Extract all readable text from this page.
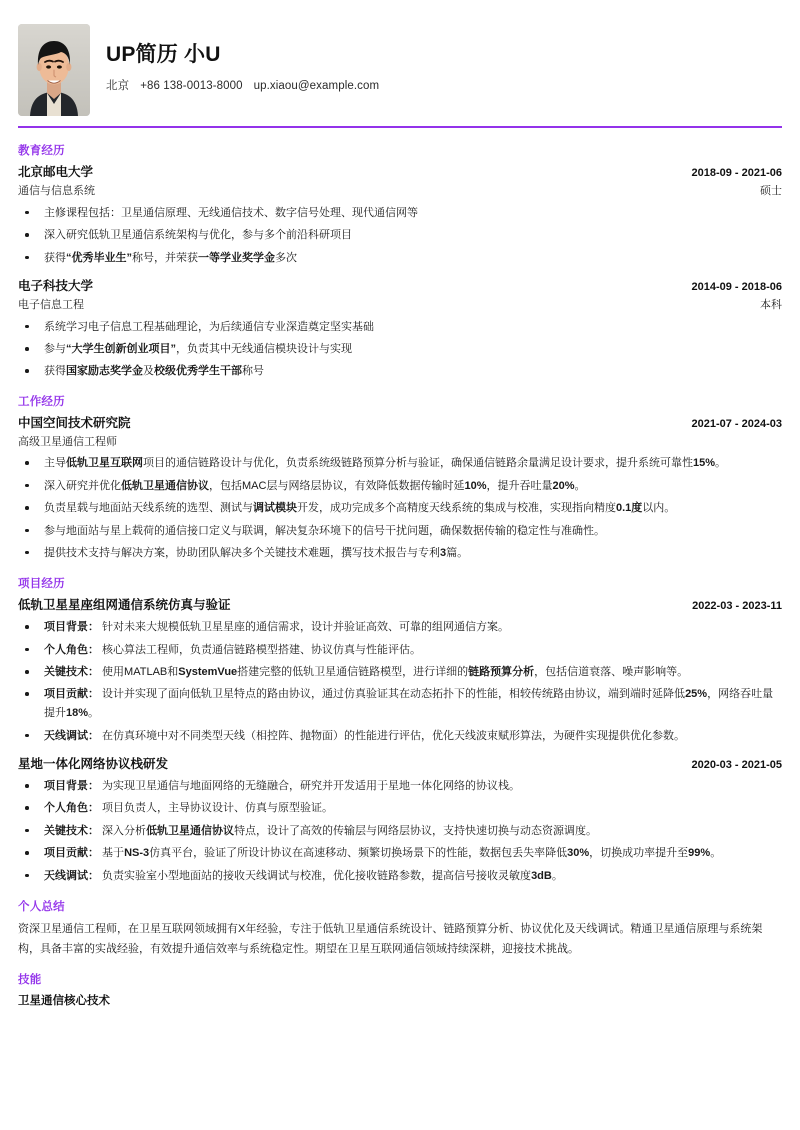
UP简历 小U
北京 +86 138-0013-8000 up.xiaou@example.com
教育经历
北京邮电大学	2018-09 - 2021-06
通信与信息系统	硕士
主修课程包括：卫星通信原理、无线通信技术、数字信号处理、现代通信网等
深入研究低轨卫星通信系统架构与优化，参与多个前沿科研项目
获得“优秀毕业生”称号，并荣获一等学业奖学金多次
电子科技大学	2014-09 - 2018-06
电子信息工程	本科
系统学习电子信息工程基础理论，为后续通信专业深造奠定坚实基础
参与“大学生创新创业项目”，负责其中无线通信模块设计与实现
获得国家励志奖学金及校级优秀学生干部称号
工作经历
中国空间技术研究院	2021-07 - 2024-03
高级卫星通信工程师
主导低轨卫星互联网项目的通信链路设计与优化，负责系统级链路预算分析与验证，确保通信链路余量满足设计要求，提升系统可靠性15%。
深入研究并优化低轨卫星通信协议，包括MAC层与网络层协议，有效降低数据传输时延10%，提升吞吐量20%。
负责星载与地面站天线系统的选型、测试与调试模块开发，成功完成多个高精度天线系统的集成与校准，实现指向精度0.1度以内。
参与地面站与星上载荷的通信接口定义与联调，解决复杂环境下的信号干扰问题，确保数据传输的稳定性与准确性。
提供技术支持与解决方案，协助团队解决多个关键技术难题，撰写技术报告与专利3篇。
项目经历
低轨卫星星座组网通信系统仿真与验证	2022-03 - 2023-11
项目背景： 针对未来大规模低轨卫星星座的通信需求，设计并验证高效、可靠的组网通信方案。
个人角色： 核心算法工程师，负责通信链路模型搭建、协议仿真与性能评估。
关键技术： 使用MATLAB和SystemVue搭建完整的低轨卫星通信链路模型，进行详细的链路预算分析，包括信道衰落、噪声影响等。
项目贡献： 设计并实现了面向低轨卫星特点的路由协议，通过仿真验证其在动态拓扑下的性能，相较传统路由协议，端到端时延降低25%，网络吞吐量提升18%。
天线调试： 在仿真环境中对不同类型天线（相控阵、抛物面）的性能进行评估，优化天线波束赋形算法，为硬件实现提供优化参数。
星地一体化网络协议栈研发	2020-03 - 2021-05
项目背景： 为实现卫星通信与地面网络的无缝融合，研究并开发适用于星地一体化网络的协议栈。
个人角色： 项目负责人，主导协议设计、仿真与原型验证。
关键技术： 深入分析低轨卫星通信协议特点，设计了高效的传输层与网络层协议，支持快速切换与动态资源调度。
项目贡献： 基于NS-3仿真平台，验证了所设计协议在高速移动、频繁切换场景下的性能，数据包丢失率降低30%，切换成功率提升至99%。
天线调试： 负责实验室小型地面站的接收天线调试与校准，优化接收链路参数，提高信号接收灵敏度3dB。
个人总结
资深卫星通信工程师，在卫星互联网领域拥有X年经验，专注于低轨卫星通信系统设计、链路预算分析、协议优化及天线调试。精通卫星通信原理与系统架构，具备丰富的实战经验，有效提升通信效率与系统稳定性。期望在卫星互联网通信领域持续深耕，迎接技术挑战。
技能
卫星通信核心技术
